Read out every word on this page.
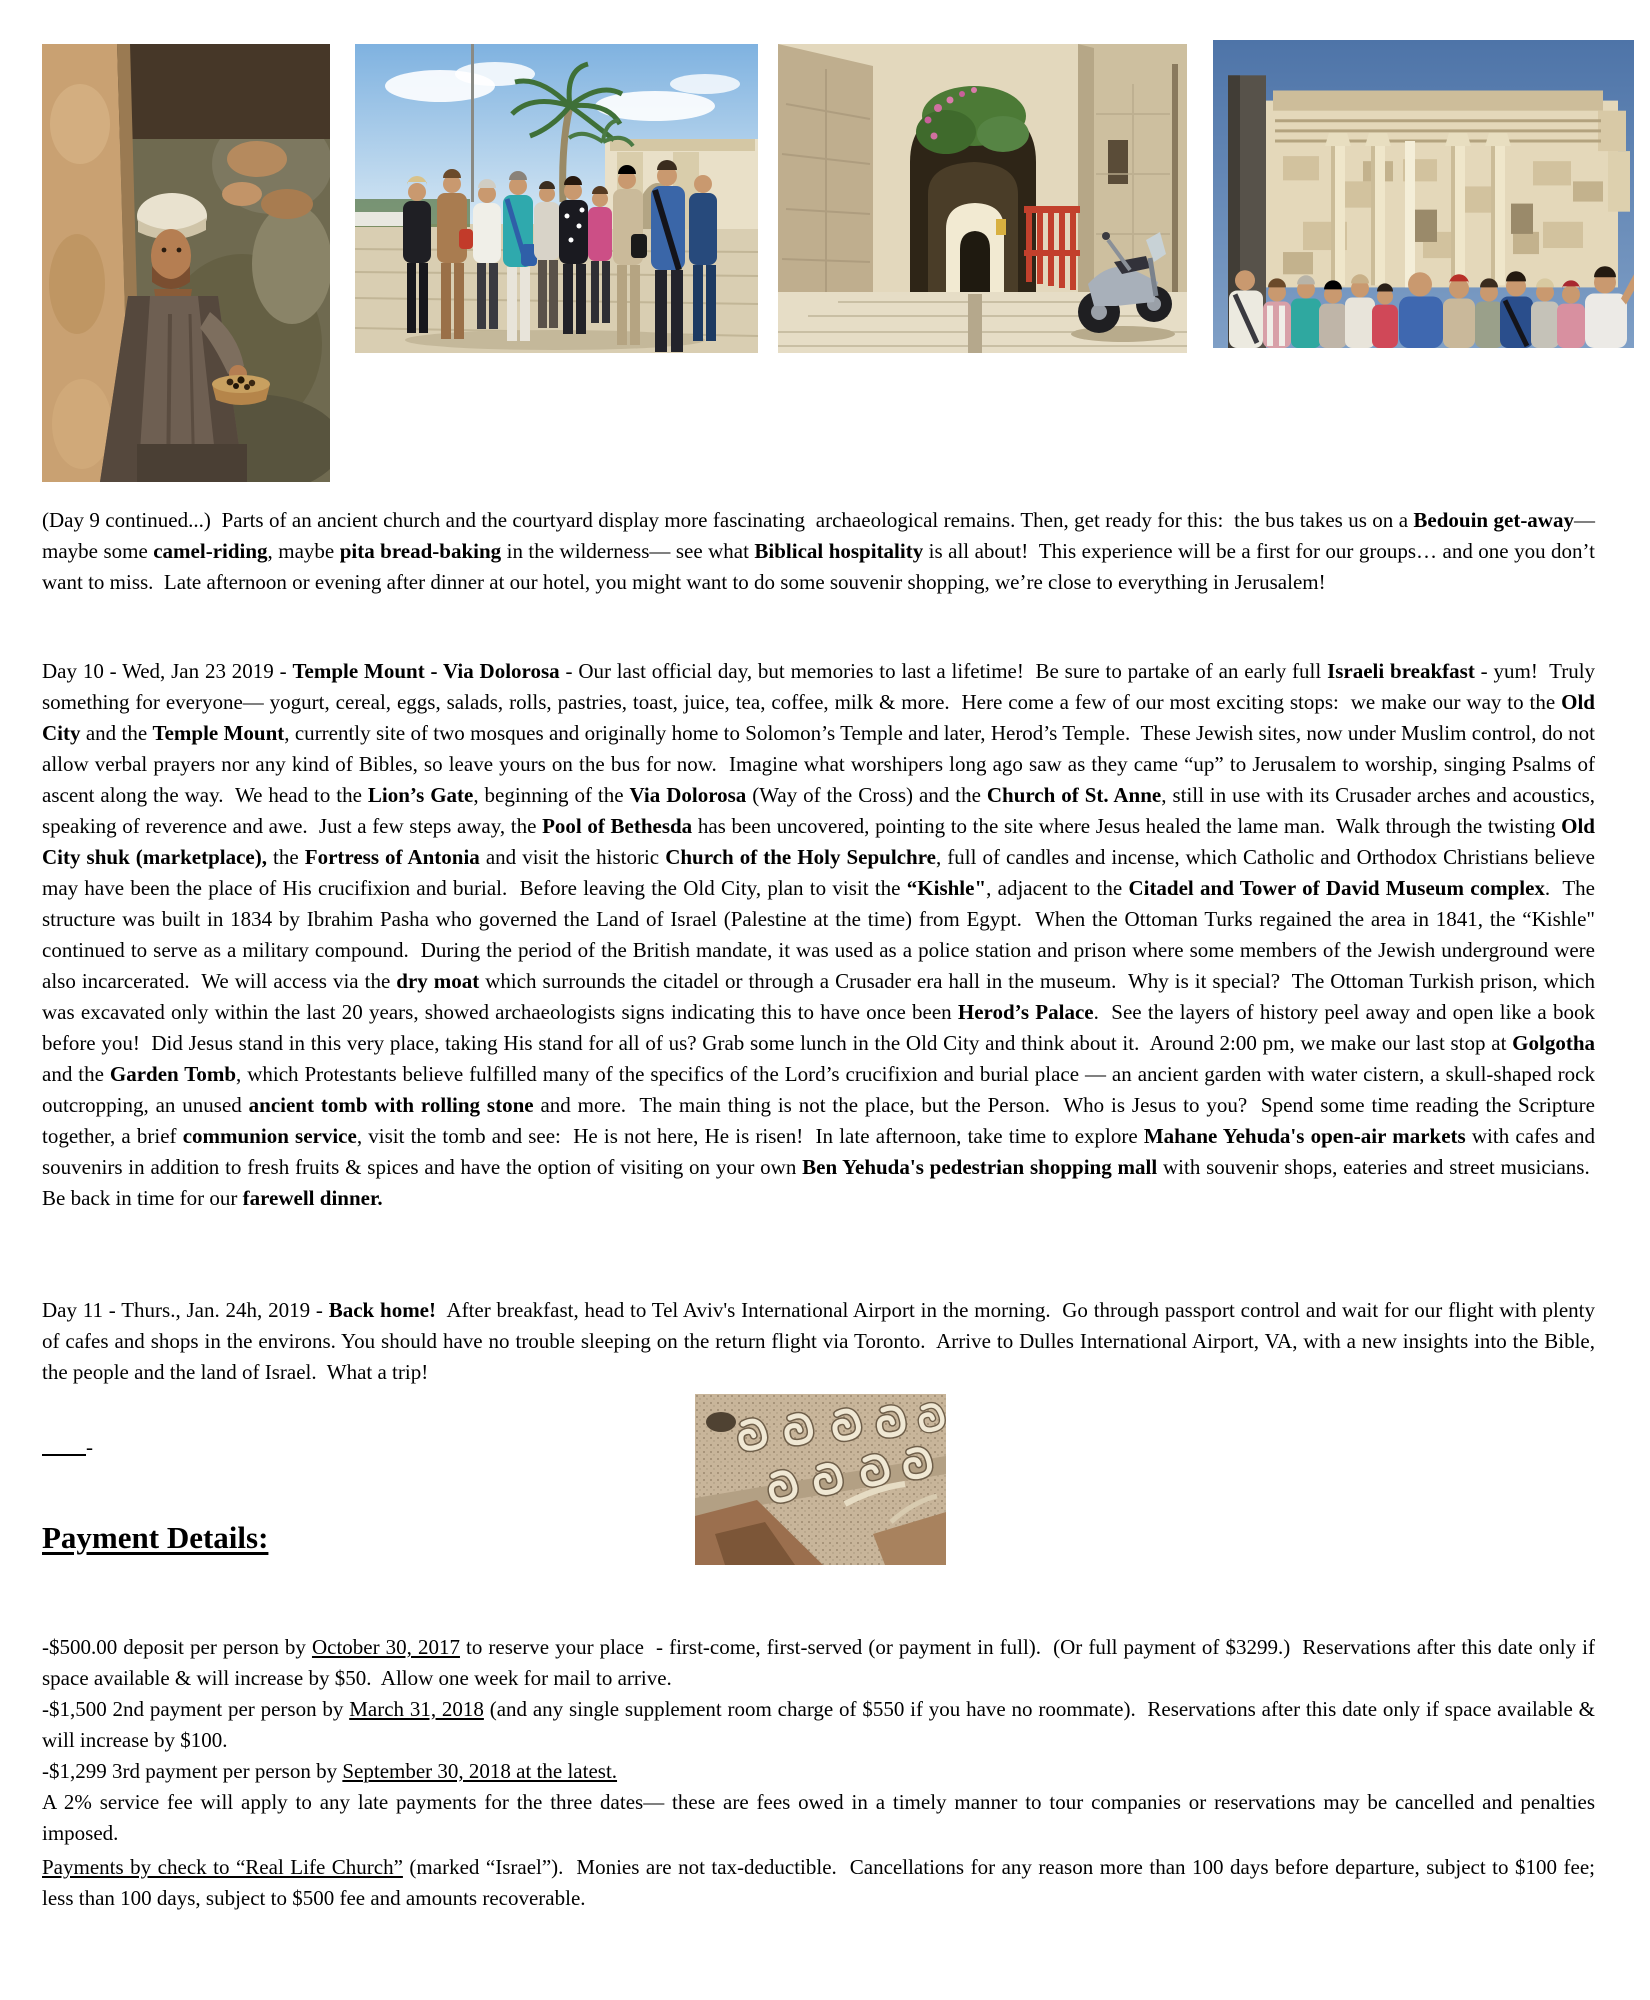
(Day 9 continued...)  Parts of an ancient church and the courtyard display more fascinating  archaeological remains. Then, get ready for this:  the bus takes us on a Bedouin get-away— maybe some camel-riding, maybe pita bread-baking in the wilderness— see what Biblical hospitality is all about!  This experience will be a first for our groups… and one you don’t want to miss.  Late afternoon or evening after dinner at our hotel, you might want to do some souvenir shopping, we’re close to everything in Jerusalem!
Day 10 - Wed, Jan 23 2019 - Temple Mount - Via Dolorosa - Our last official day, but memories to last a lifetime!  Be sure to partake of an early full Israeli breakfast - yum!  Truly something for everyone— yogurt, cereal, eggs, salads, rolls, pastries, toast, juice, tea, coffee, milk & more.  Here come a few of our most exciting stops:  we make our way to the Old City and the Temple Mount, currently site of two mosques and originally home to Solomon’s Temple and later, Herod’s Temple.  These Jewish sites, now under Muslim control, do not allow verbal prayers nor any kind of Bibles, so leave yours on the bus for now.  Imagine what worshipers long ago saw as they came “up” to Jerusalem to worship, singing Psalms of ascent along the way.  We head to the Lion’s Gate, beginning of the Via Dolorosa (Way of the Cross) and the Church of St. Anne, still in use with its Crusader arches and acoustics, speaking of reverence and awe.  Just a few steps away, the Pool of Bethesda has been uncovered, pointing to the site where Jesus healed the lame man.  Walk through the twisting Old City shuk (marketplace), the Fortress of Antonia and visit the historic Church of the Holy Sepulchre, full of candles and incense, which Catholic and Orthodox Christians believe may have been the place of His crucifixion and burial.  Before leaving the Old City, plan to visit the “Kishle", adjacent to the Citadel and Tower of David Museum complex.  The structure was built in 1834 by Ibrahim Pasha who governed the Land of Israel (Palestine at the time) from Egypt.  When the Ottoman Turks regained the area in 1841, the “Kishle" continued to serve as a military compound.  During the period of the British mandate, it was used as a police station and prison where some members of the Jewish underground were also incarcerated.  We will access via the dry moat which surrounds the citadel or through a Crusader era hall in the museum.  Why is it special?  The Ottoman Turkish prison, which was excavated only within the last 20 years, showed archaeologists signs indicating this to have once been Herod’s Palace.  See the layers of history peel away and open like a book before you!  Did Jesus stand in this very place, taking His stand for all of us? Grab some lunch in the Old City and think about it.  Around 2:00 pm, we make our last stop at Golgotha and the Garden Tomb, which Protestants believe fulfilled many of the specifics of the Lord’s crucifixion and burial place — an ancient garden with water cistern, a skull-shaped rock outcropping, an unused ancient tomb with rolling stone and more.  The main thing is not the place, but the Person.  Who is Jesus to you?  Spend some time reading the Scripture together, a brief communion service, visit the tomb and see:  He is not here, He is risen!  In late afternoon, take time to explore Mahane Yehuda's open-air markets with cafes and souvenirs in addition to fresh fruits & spices and have the option of visiting on your own Ben Yehuda's pedestrian shopping mall with souvenir shops, eateries and street musicians.  Be back in time for our farewell dinner.
Day 11 - Thurs., Jan. 24h, 2019 - Back home!  After breakfast, head to Tel Aviv's International Airport in the morning.  Go through passport control and wait for our flight with plenty of cafes and shops in the environs. You should have no trouble sleeping on the return flight via Toronto.  Arrive to Dulles International Airport, VA, with a new insights into the Bible, the people and the land of Israel.  What a trip!
-
Payment Details:
-$500.00 deposit per person by October 30, 2017 to reserve your place  - first-come, first-served (or payment in full).  (Or full payment of $3299.)  Reservations after this date only if space available & will increase by $50.  Allow one week for mail to arrive.
-$1,500 2nd payment per person by March 31, 2018 (and any single supplement room charge of $550 if you have no roommate).  Reservations after this date only if space available & will increase by $100.
-$1,299 3rd payment per person by September 30, 2018 at the latest.
A 2% service fee will apply to any late payments for the three dates— these are fees owed in a timely manner to tour companies or reservations may be cancelled and penalties imposed.
Payments by check to “Real Life Church” (marked “Israel”).  Monies are not tax-deductible.  Cancellations for any reason more than 100 days before departure, subject to $100 fee; less than 100 days, subject to $500 fee and amounts recoverable.
